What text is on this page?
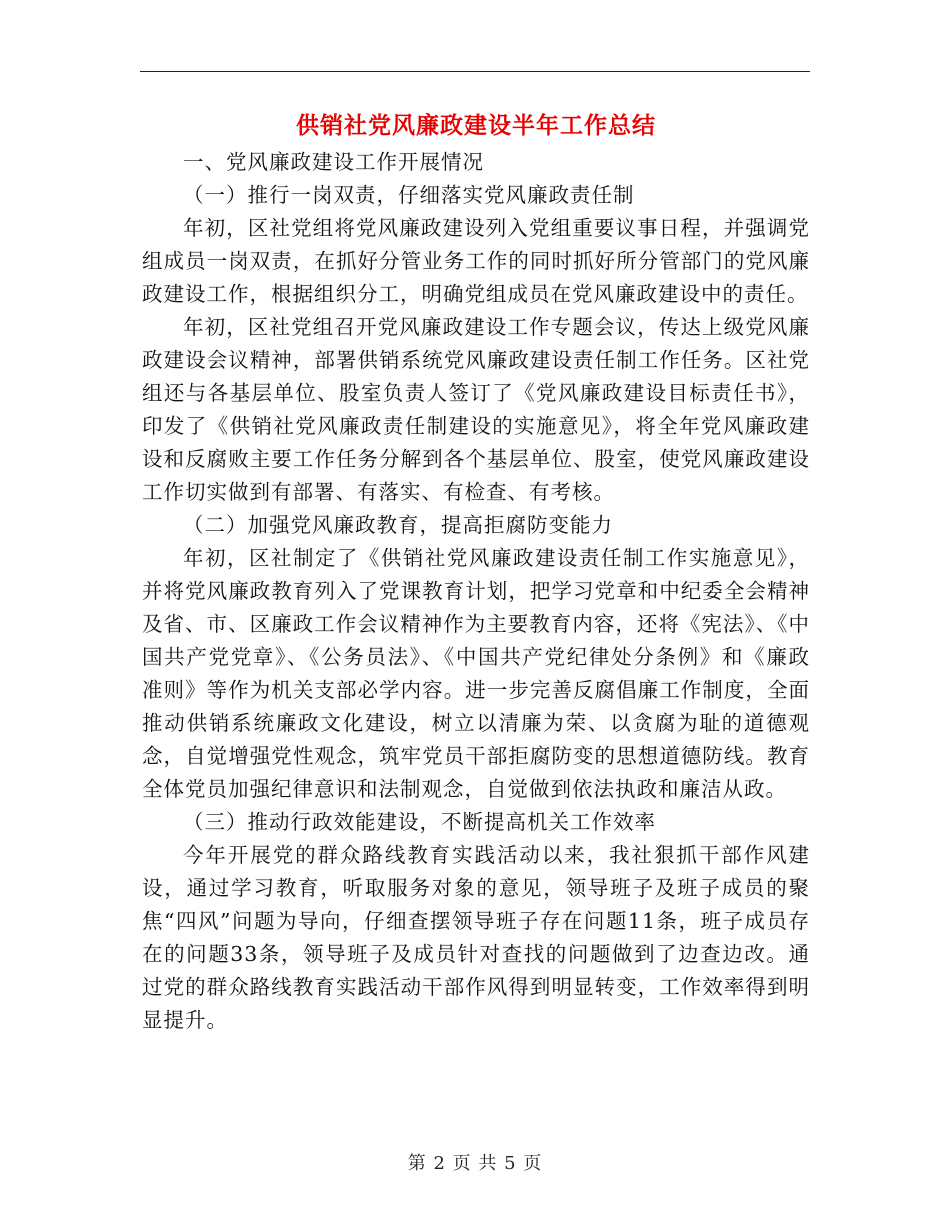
供销社党风廉政建设半年工作总结

一、党风廉政建设工作开展情况

（一）推行一岗双责，仔细落实党风廉政责任制

年初，区社党组将党风廉政建设列入党组重要议事日程，并强调党组成员一岗双责，在抓好分管业务工作的同时抓好所分管部门的党风廉政建设工作，根据组织分工，明确党组成员在党风廉政建设中的责任。

年初，区社党组召开党风廉政建设工作专题会议，传达上级党风廉政建设会议精神，部署供销系统党风廉政建设责任制工作任务。区社党组还与各基层单位、股室负责人签订了《党风廉政建设目标责任书》，印发了《供销社党风廉政责任制建设的实施意见》，将全年党风廉政建设和反腐败主要工作任务分解到各个基层单位、股室，使党风廉政建设工作切实做到有部署、有落实、有检查、有考核。

（二）加强党风廉政教育，提高拒腐防变能力

年初，区社制定了《供销社党风廉政建设责任制工作实施意见》，并将党风廉政教育列入了党课教育计划，把学习党章和中纪委全会精神及省、市、区廉政工作会议精神作为主要教育内容，还将《宪法》、《中国共产党党章》、《公务员法》、《中国共产党纪律处分条例》和《廉政准则》等作为机关支部必学内容。进一步完善反腐倡廉工作制度，全面推动供销系统廉政文化建设，树立以清廉为荣、以贪腐为耻的道德观念，自觉增强党性观念，筑牢党员干部拒腐防变的思想道德防线。教育全体党员加强纪律意识和法制观念，自觉做到依法执政和廉洁从政。

（三）推动行政效能建设，不断提高机关工作效率

今年开展党的群众路线教育实践活动以来，我社狠抓干部作风建设，通过学习教育，听取服务对象的意见，领导班子及班子成员的聚焦“四风”问题为导向，仔细查摆领导班子存在问题11条，班子成员存在的问题33条，领导班子及成员针对查找的问题做到了边查边改。通过党的群众路线教育实践活动干部作风得到明显转变，工作效率得到明显提升。

第 2 页 共 5 页
